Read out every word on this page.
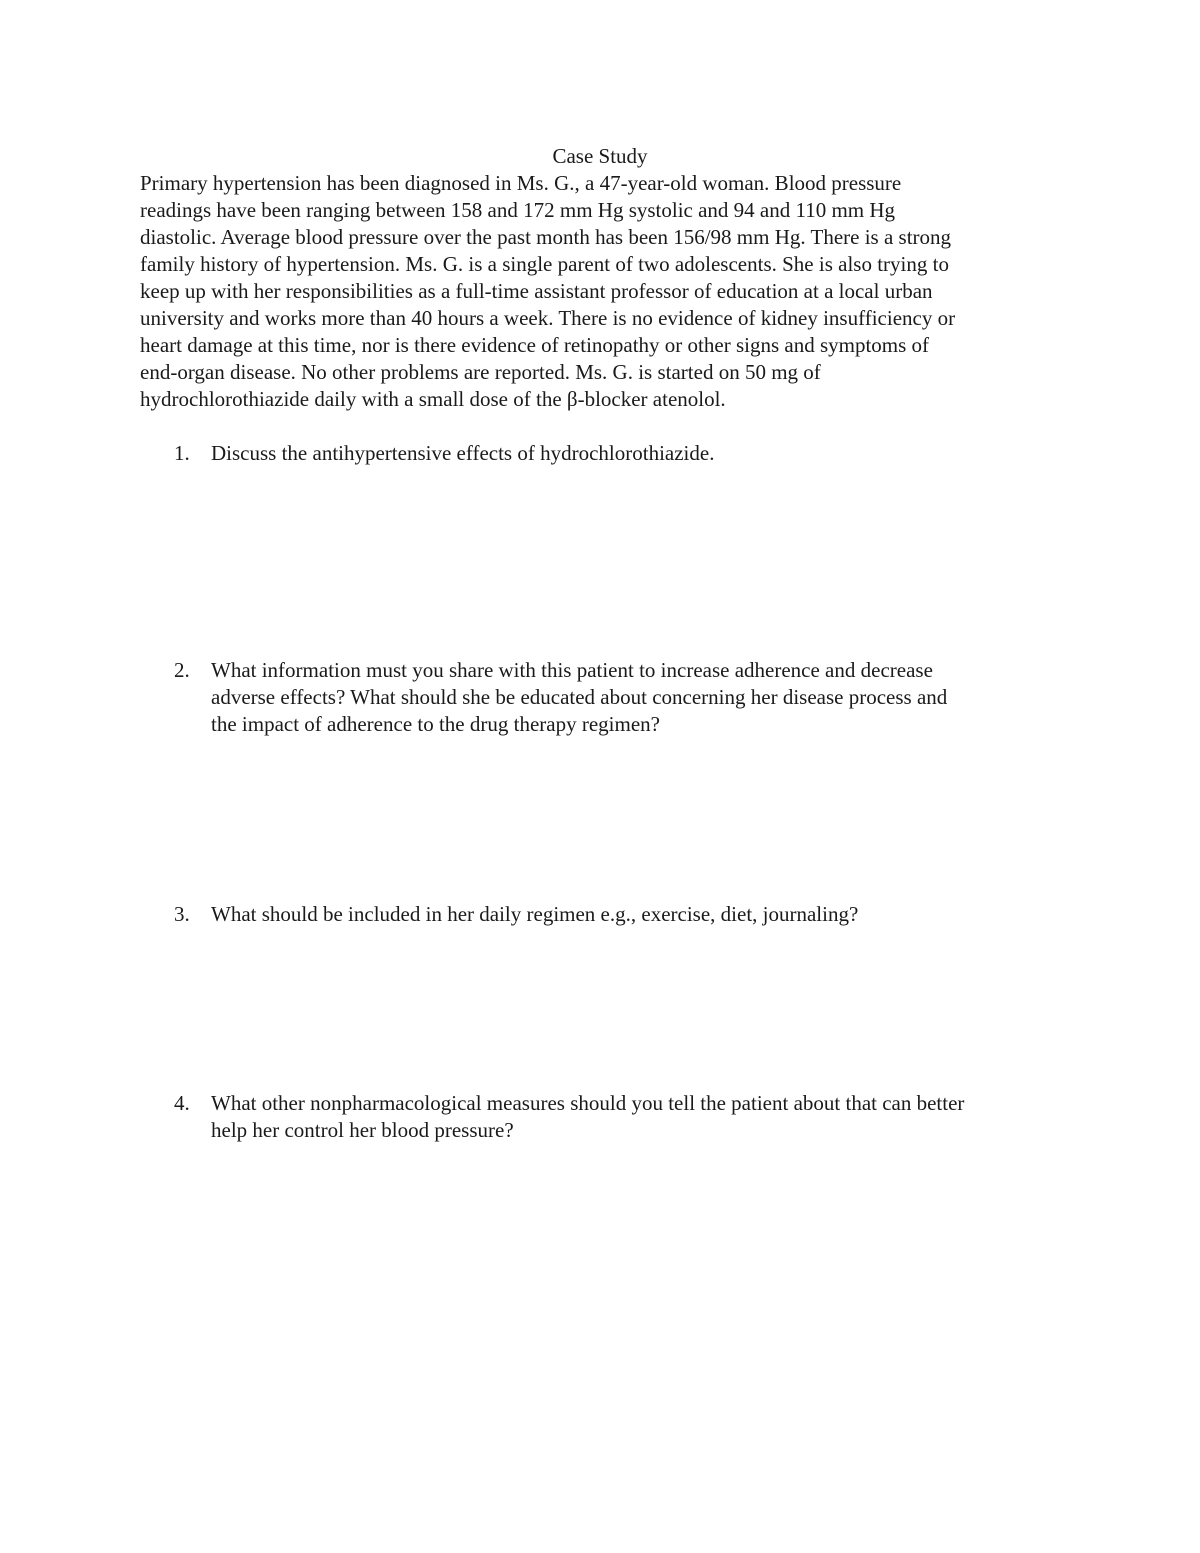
Case Study
Primary hypertension has been diagnosed in Ms. G., a 47-year-old woman. Blood pressure
readings have been ranging between 158 and 172 mm Hg systolic and 94 and 110 mm Hg
diastolic. Average blood pressure over the past month has been 156/98 mm Hg. There is a strong
family history of hypertension. Ms. G. is a single parent of two adolescents. She is also trying to
keep up with her responsibilities as a full-time assistant professor of education at a local urban
university and works more than 40 hours a week. There is no evidence of kidney insufficiency or
heart damage at this time, nor is there evidence of retinopathy or other signs and symptoms of
end-organ disease. No other problems are reported. Ms. G. is started on 50 mg of
hydrochlorothiazide daily with a small dose of the β-blocker atenolol.
1. Discuss the antihypertensive effects of hydrochlorothiazide.
2. What information must you share with this patient to increase adherence and decrease
adverse effects? What should she be educated about concerning her disease process and
the impact of adherence to the drug therapy regimen?
3. What should be included in her daily regimen e.g., exercise, diet, journaling?
4. What other nonpharmacological measures should you tell the patient about that can better
help her control her blood pressure?
